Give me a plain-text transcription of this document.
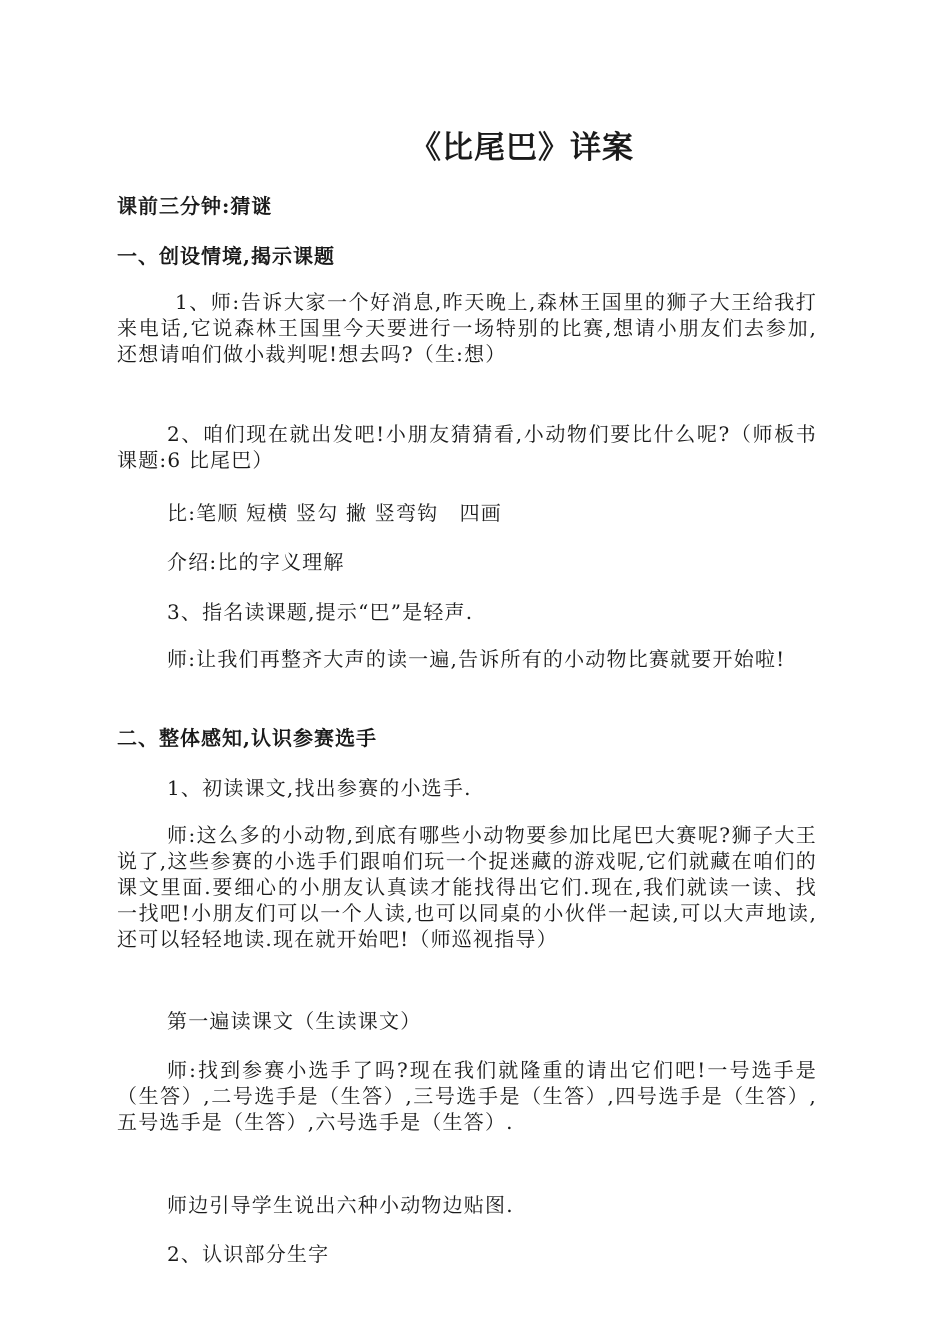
《比尾巴》详案
课前三分钟:猜谜
一、创设情境,揭示课题
1、师:告诉大家一个好消息,昨天晚上,森林王国里的狮子大王给我打来电话,它说森林王国里今天要进行一场特别的比赛,想请小朋友们去参加,还想请咱们做小裁判呢!想去吗?（生:想）
2、咱们现在就出发吧!小朋友猜猜看,小动物们要比什么呢?（师板书课题:6 比尾巴）
比:笔顺 短横 竖勾 撇 竖弯钩　四画
介绍:比的字义理解
3、指名读课题,提示“巴”是轻声.
师:让我们再整齐大声的读一遍,告诉所有的小动物比赛就要开始啦!
二、整体感知,认识参赛选手
1、初读课文,找出参赛的小选手.
师:这么多的小动物,到底有哪些小动物要参加比尾巴大赛呢?狮子大王说了,这些参赛的小选手们跟咱们玩一个捉迷藏的游戏呢,它们就藏在咱们的课文里面.要细心的小朋友认真读才能找得出它们.现在,我们就读一读、找一找吧!小朋友们可以一个人读,也可以同桌的小伙伴一起读,可以大声地读,还可以轻轻地读.现在就开始吧!（师巡视指导）
第一遍读课文（生读课文）
师:找到参赛小选手了吗?现在我们就隆重的请出它们吧!一号选手是（生答）,二号选手是（生答）,三号选手是（生答）,四号选手是（生答）,五号选手是（生答）,六号选手是（生答）.
师边引导学生说出六种小动物边贴图.
2、认识部分生字
